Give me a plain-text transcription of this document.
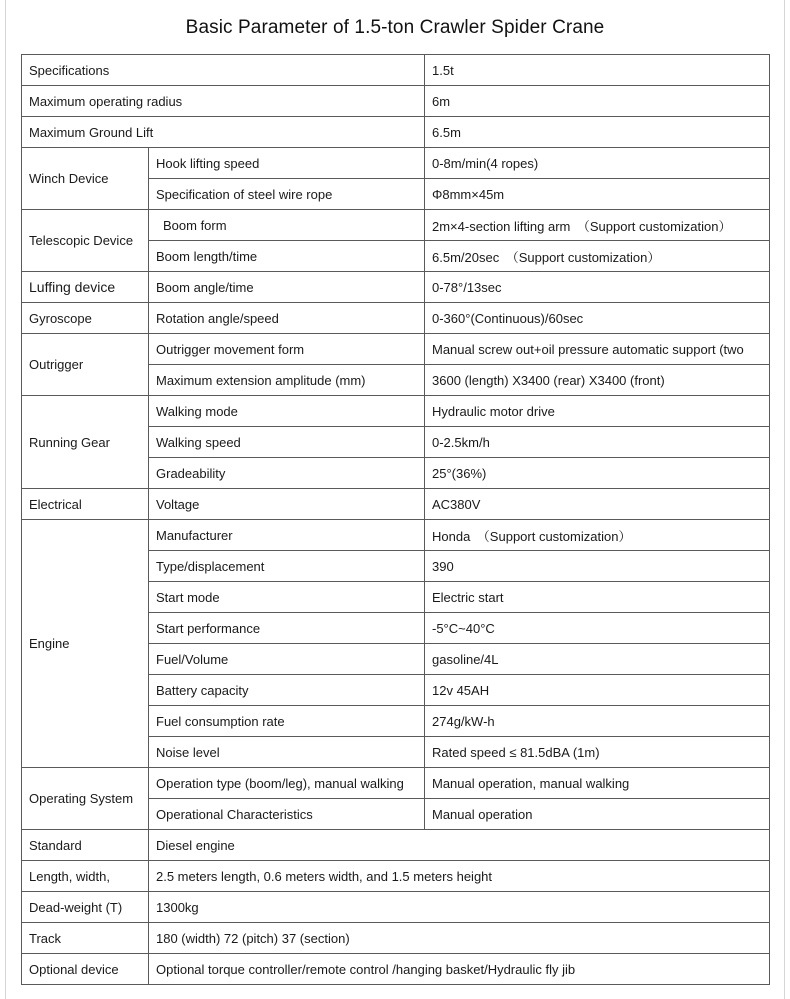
Basic Parameter of 1.5-ton Crawler Spider Crane
Specifications		1.5t
Maximum operating radius		6m
Maximum Ground Lift		6.5m
Winch Device	Hook lifting speed	0-8m/min(4 ropes)
	Specification of steel wire rope	Φ8mm×45m
Telescopic Device	Boom form	2m×4-section lifting arm　（Support customization）
	Boom length/time	6.5m/20sec　（Support customization）
Luffing device	Boom angle/time	0-78°/13sec
Gyroscope	Rotation angle/speed	0-360°(Continuous)/60sec
Outrigger	Outrigger movement form	Manual screw out+oil pressure automatic support (two
	Maximum extension amplitude (mm)	3600 (length) X3400 (rear) X3400 (front)
Running Gear	Walking mode	Hydraulic motor drive
	Walking speed	0-2.5km/h
	Gradeability	25°(36%)
Electrical	Voltage	AC380V
Engine	Manufacturer	Honda　（Support customization）
	Type/displacement	390
	Start mode	Electric start
	Start performance	-5°C~40°C
	Fuel/Volume	gasoline/4L
	Battery capacity	12v 45AH
	Fuel consumption rate	274g/kW-h
	Noise level	Rated speed ≤ 81.5dBA (1m)
Operating System	Operation type (boom/leg), manual walking	Manual operation, manual walking
	Operational Characteristics	Manual operation
Standard	Diesel engine	
Length, width,	2.5 meters length, 0.6 meters width, and 1.5 meters height	
Dead-weight (T)	1300kg	
Track	180 (width) 72 (pitch) 37 (section)	
Optional device	Optional torque controller/remote control /hanging basket/Hydraulic fly jib	
